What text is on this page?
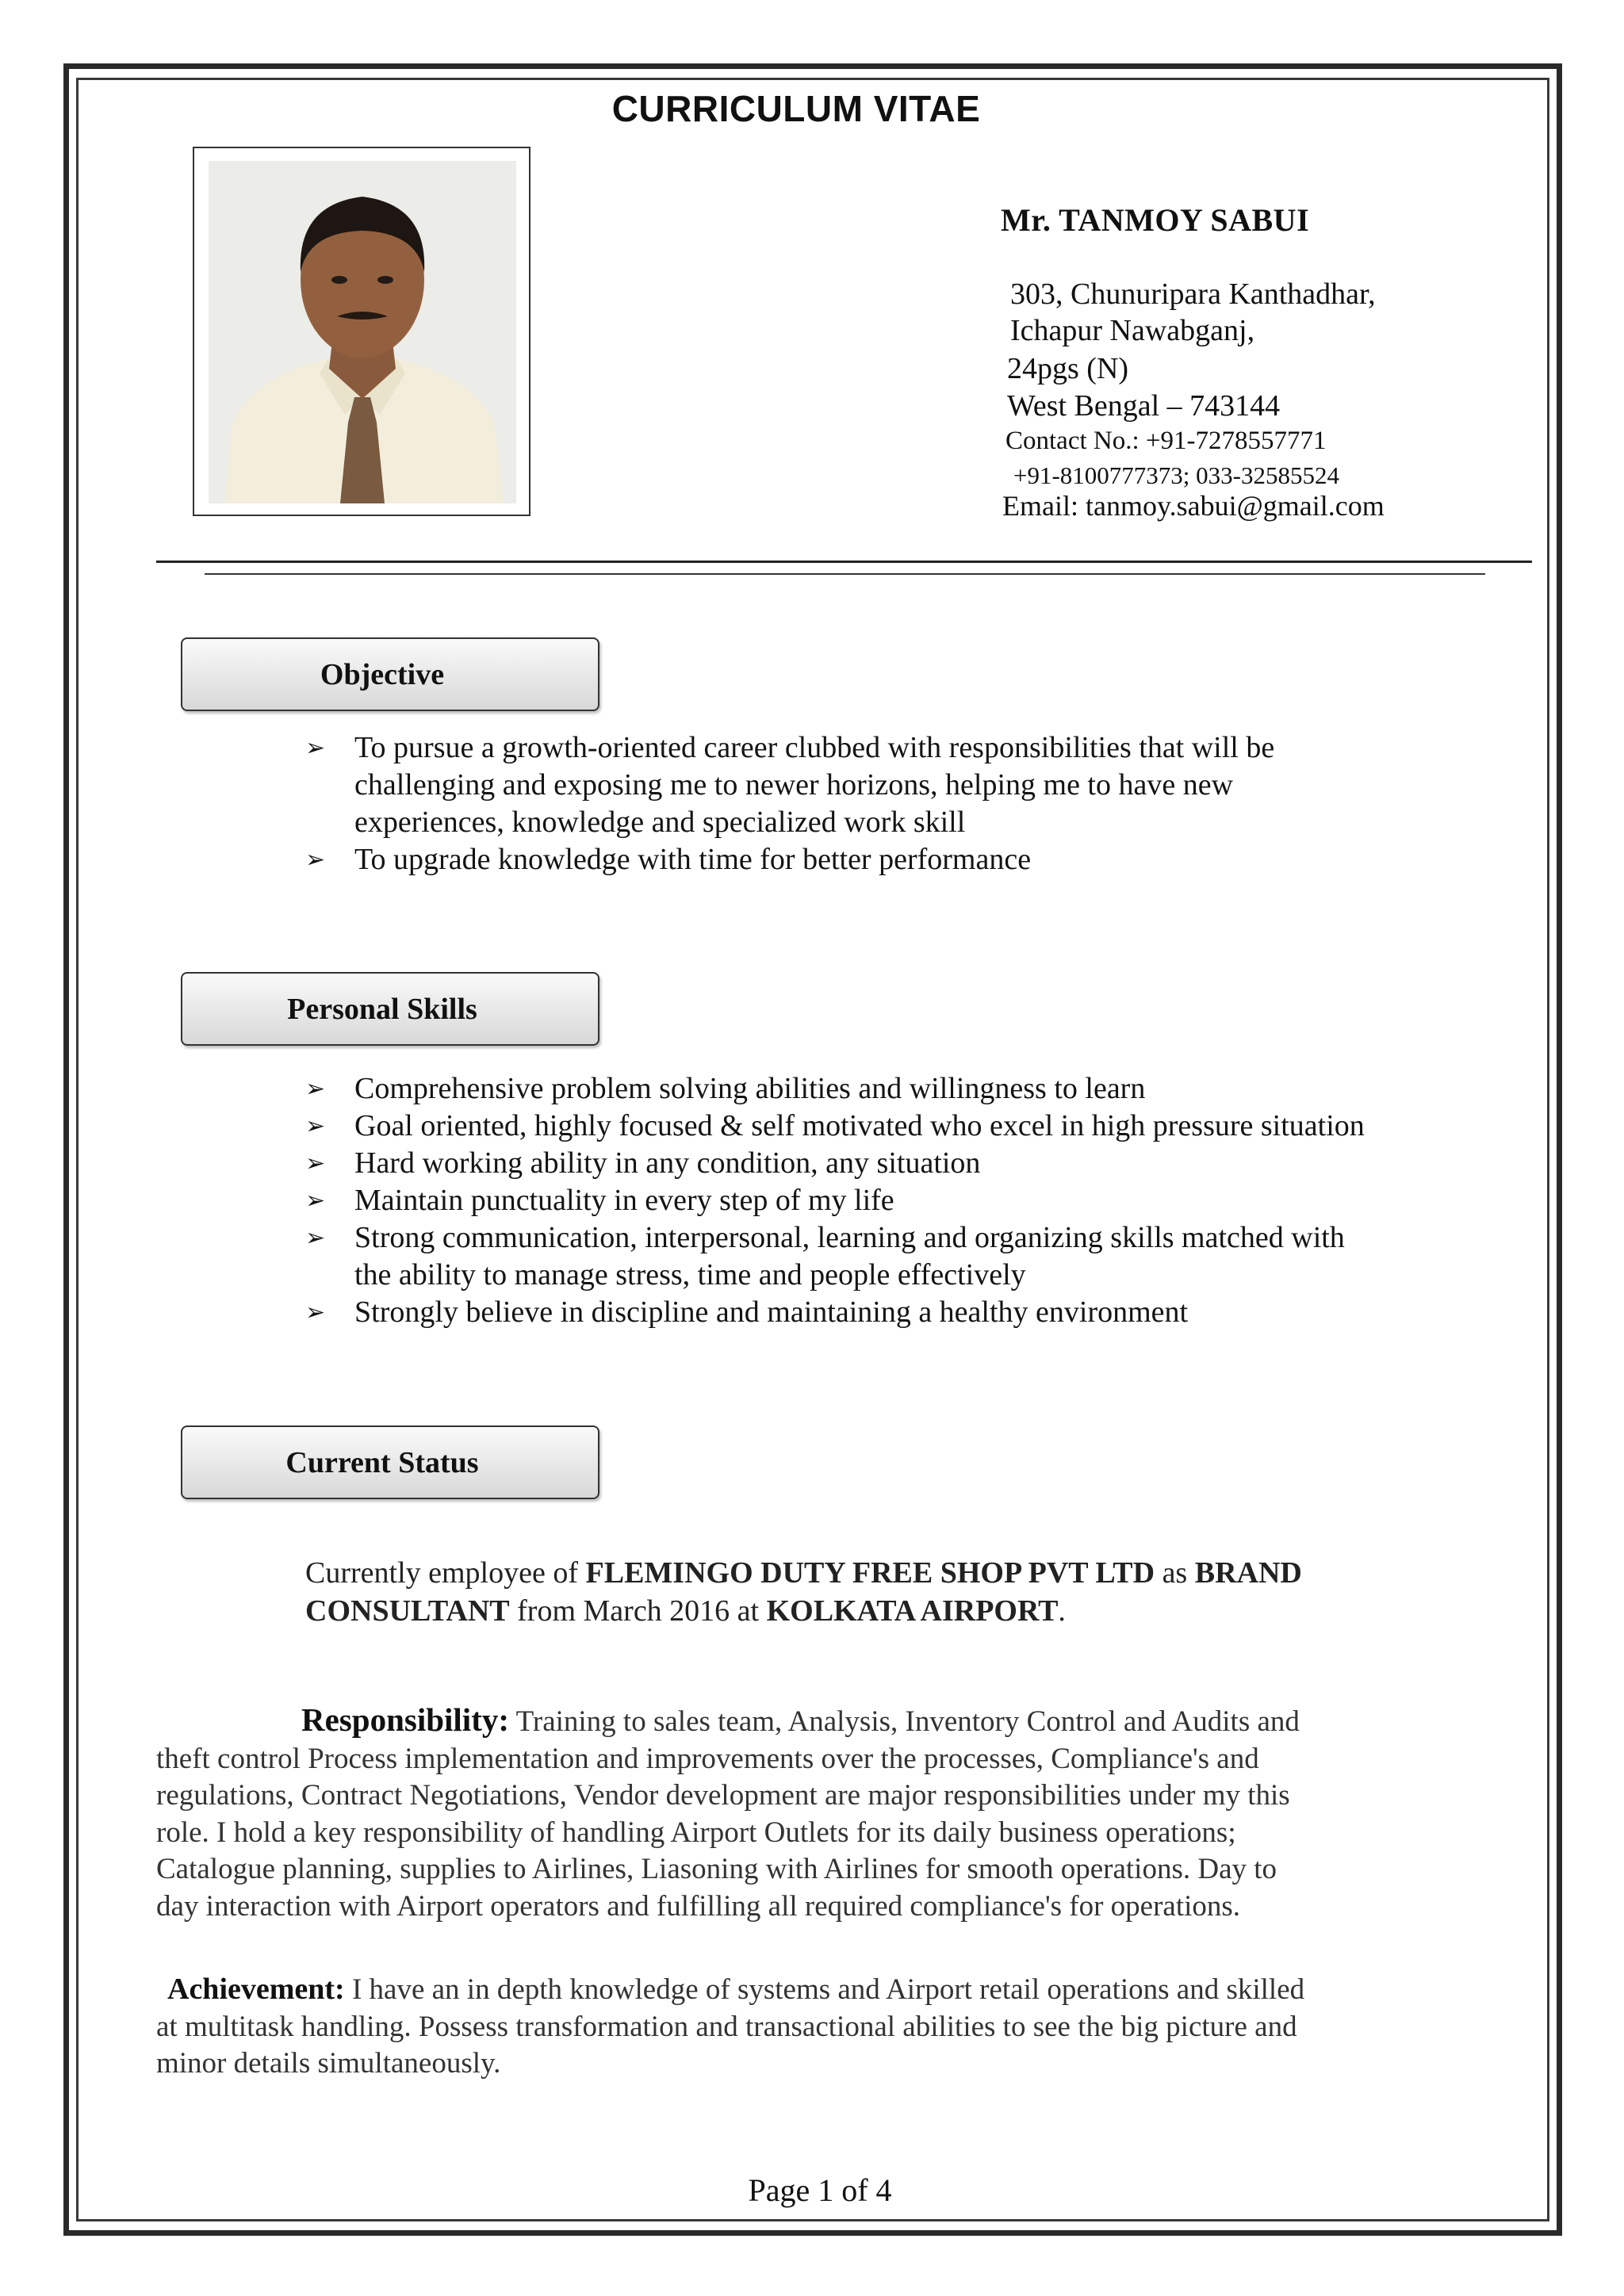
CURRICULUM VITAE
Mr. TANMOY SABUI
303, Chunuripara Kanthadhar,
Ichapur Nawabganj,
24pgs (N)
West Bengal – 743144
Contact No.: +91-7278557771
+91-8100777373; 033-32585524
Email: tanmoy.sabui@gmail.com
Objective
➢ To pursue a growth-oriented career clubbed with responsibilities that will be
challenging and exposing me to newer horizons, helping me to have new
experiences, knowledge and specialized work skill
➢ To upgrade knowledge with time for better performance
Personal Skills
➢ Comprehensive problem solving abilities and willingness to learn
➢ Goal oriented, highly focused & self motivated who excel in high pressure situation
➢ Hard working ability in any condition, any situation
➢ Maintain punctuality in every step of my life
➢ Strong communication, interpersonal, learning and organizing skills matched with
the ability to manage stress, time and people effectively
➢ Strongly believe in discipline and maintaining a healthy environment
Current Status
Currently employee of FLEMINGO DUTY FREE SHOP PVT LTD as BRAND
CONSULTANT from March 2016 at KOLKATA AIRPORT.
Responsibility: Training to sales team, Analysis, Inventory Control and Audits and
theft control Process implementation and improvements over the processes, Compliance's and
regulations, Contract Negotiations, Vendor development are major responsibilities under my this
role. I hold a key responsibility of handling Airport Outlets for its daily business operations;
Catalogue planning, supplies to Airlines, Liasoning with Airlines for smooth operations. Day to
day interaction with Airport operators and fulfilling all required compliance's for operations.
Achievement: I have an in depth knowledge of systems and Airport retail operations and skilled
at multitask handling. Possess transformation and transactional abilities to see the big picture and
minor details simultaneously.
Page 1 of 4
